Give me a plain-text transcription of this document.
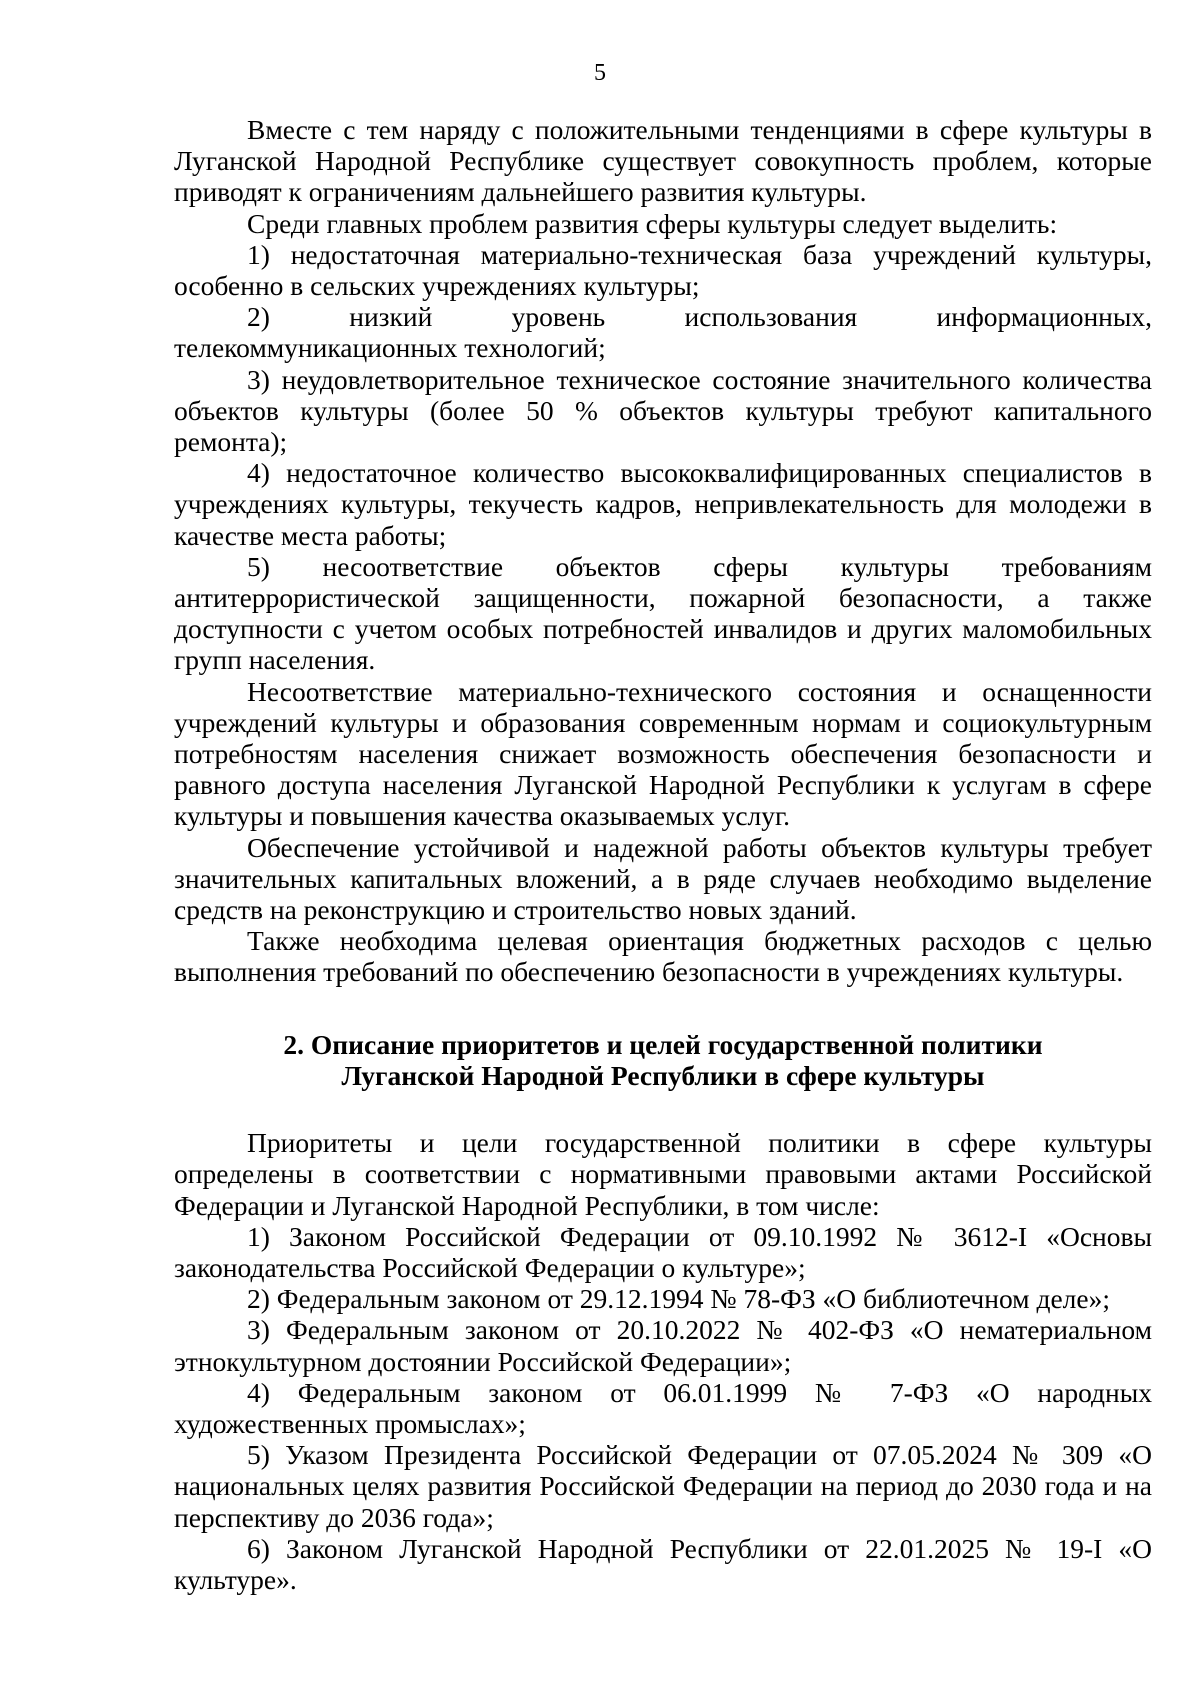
5

Вместе с тем наряду с положительными тенденциями в сфере культуры в Луганской Народной Республике существует совокупность проблем, которые приводят к ограничениям дальнейшего развития культуры.

Среди главных проблем развития сферы культуры следует выделить:

1) недостаточная материально-техническая база учреждений культуры, особенно в сельских учреждениях культуры;

2) низкий уровень использования информационных, телекоммуникационных технологий;

3) неудовлетворительное техническое состояние значительного количества объектов культуры (более 50 % объектов культуры требуют капитального ремонта);

4) недостаточное количество высококвалифицированных специалистов в учреждениях культуры, текучесть кадров, непривлекательность для молодежи в качестве места работы;

5) несоответствие объектов сферы культуры требованиям антитеррористической защищенности, пожарной безопасности, а также доступности с учетом особых потребностей инвалидов и других маломобильных групп населения.

Несоответствие материально-технического состояния и оснащенности учреждений культуры и образования современным нормам и социокультурным потребностям населения снижает возможность обеспечения безопасности и равного доступа населения Луганской Народной Республики к услугам в сфере культуры и повышения качества оказываемых услуг.

Обеспечение устойчивой и надежной работы объектов культуры требует значительных капитальных вложений, а в ряде случаев необходимо выделение средств на реконструкцию и строительство новых зданий.

Также необходима целевая ориентация бюджетных расходов с целью выполнения требований по обеспечению безопасности в учреждениях культуры.

2. Описание приоритетов и целей государственной политики
Луганской Народной Республики в сфере культуры

Приоритеты и цели государственной политики в сфере культуры определены в соответствии с нормативными правовыми актами Российской Федерации и Луганской Народной Республики, в том числе:

1) Законом Российской Федерации от 09.10.1992 № 3612-I «Основы законодательства Российской Федерации о культуре»;

2) Федеральным законом от 29.12.1994 № 78-ФЗ «О библиотечном деле»;

3) Федеральным законом от 20.10.2022 № 402-ФЗ «О нематериальном этнокультурном достоянии Российской Федерации»;

4) Федеральным законом от 06.01.1999 № 7-ФЗ «О народных художественных промыслах»;

5) Указом Президента Российской Федерации от 07.05.2024 № 309 «О национальных целях развития Российской Федерации на период до 2030 года и на перспективу до 2036 года»;

6) Законом Луганской Народной Республики от 22.01.2025 № 19-I «О культуре».
